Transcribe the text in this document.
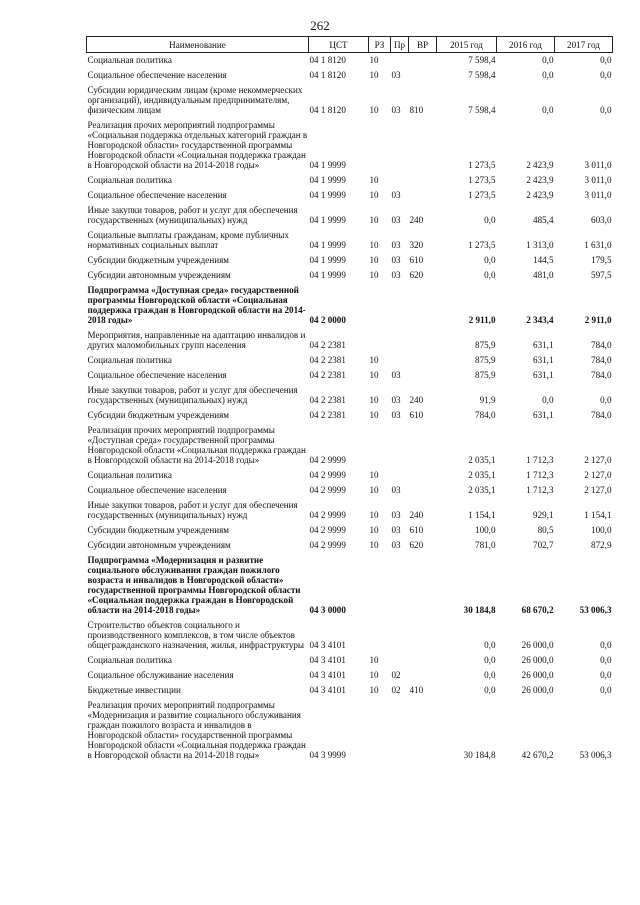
262
Наименование	ЦСТ	РЗ	Пр	ВР	2015 год	2016 год	2017 год
Социальная политика	04 1 8120	10			7 598,4	0,0	0,0
Социальное обеспечение населения	04 1 8120	10	03		7 598,4	0,0	0,0
Субсидии юридическим лицам (кроме некоммерческих организаций), индивидуальным предпринимателям, физическим лицам	04 1 8120	10	03	810	7 598,4	0,0	0,0
Реализация прочих мероприятий подпрограммы «Социальная поддержка отдельных категорий граждан в Новгородской области» государственной программы Новгородской области «Социальная поддержка граждан в Новгородской области на 2014-2018 годы»	04 1 9999				1 273,5	2 423,9	3 011,0
Социальная политика	04 1 9999	10			1 273,5	2 423,9	3 011,0
Социальное обеспечение населения	04 1 9999	10	03		1 273,5	2 423,9	3 011,0
Иные закупки товаров, работ и услуг для обеспечения государственных (муниципальных) нужд	04 1 9999	10	03	240	0,0	485,4	603,0
Социальные выплаты гражданам, кроме публичных нормативных социальных выплат	04 1 9999	10	03	320	1 273,5	1 313,0	1 631,0
Субсидии бюджетным учреждениям	04 1 9999	10	03	610	0,0	144,5	179,5
Субсидии автономным учреждениям	04 1 9999	10	03	620	0,0	481,0	597,5
Подпрограмма «Доступная среда» государственной программы Новгородской области «Социальная поддержка граждан в Новгородской области на 2014-2018 годы»	04 2 0000				2 911,0	2 343,4	2 911,0
Мероприятия, направленные на адаптацию инвалидов и других маломобильных групп населения	04 2 2381				875,9	631,1	784,0
Социальная политика	04 2 2381	10			875,9	631,1	784,0
Социальное обеспечение населения	04 2 2381	10	03		875,9	631,1	784,0
Иные закупки товаров, работ и услуг для обеспечения государственных (муниципальных) нужд	04 2 2381	10	03	240	91,9	0,0	0,0
Субсидии бюджетным учреждениям	04 2 2381	10	03	610	784,0	631,1	784,0
Реализация прочих мероприятий подпрограммы «Доступная среда» государственной программы Новгородской области «Социальная поддержка граждан в Новгородской области на 2014-2018 годы»	04 2 9999				2 035,1	1 712,3	2 127,0
Социальная политика	04 2 9999	10			2 035,1	1 712,3	2 127,0
Социальное обеспечение населения	04 2 9999	10	03		2 035,1	1 712,3	2 127,0
Иные закупки товаров, работ и услуг для обеспечения государственных (муниципальных) нужд	04 2 9999	10	03	240	1 154,1	929,1	1 154,1
Субсидии бюджетным учреждениям	04 2 9999	10	03	610	100,0	80,5	100,0
Субсидии автономным учреждениям	04 2 9999	10	03	620	781,0	702,7	872,9
Подпрограмма «Модернизация и развитие социального обслуживания граждан пожилого возраста и инвалидов в Новгородской области» государственной программы Новгородской области «Социальная поддержка граждан в Новгородской области на 2014-2018 годы»	04 3 0000				30 184,8	68 670,2	53 006,3
Строительство объектов социального и производственного комплексов, в том числе объектов общегражданского назначения, жилья, инфраструктуры	04 3 4101				0,0	26 000,0	0,0
Социальная политика	04 3 4101	10			0,0	26 000,0	0,0
Социальное обслуживание населения	04 3 4101	10	02		0,0	26 000,0	0,0
Бюджетные инвестиции	04 3 4101	10	02	410	0,0	26 000,0	0,0
Реализация прочих мероприятий подпрограммы «Модернизация и развитие социального обслуживания граждан пожилого возраста и инвалидов в Новгородской области» государственной программы Новгородской области «Социальная поддержка граждан в Новгородской области на 2014-2018 годы»	04 3 9999				30 184,8	42 670,2	53 006,3
